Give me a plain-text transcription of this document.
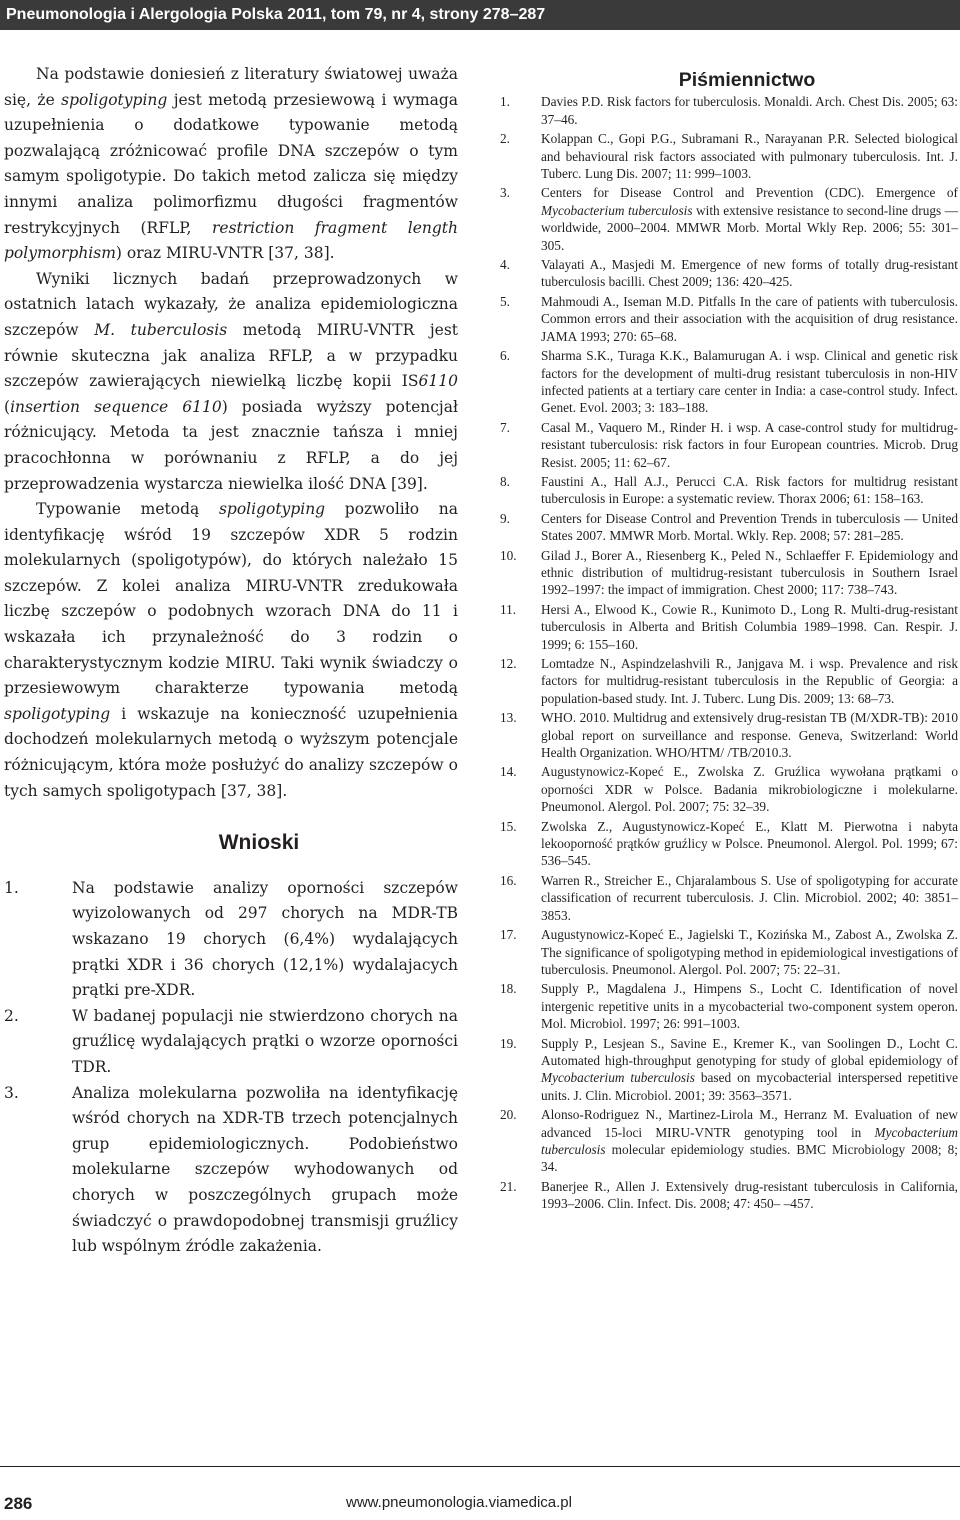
Pneumonologia i Alergologia Polska 2011, tom 79, nr 4, strony 278–287

Na podstawie doniesień z literatury światowej uważa się, że spoligotyping jest metodą przesiewową i wymaga uzupełnienia o dodatkowe typowanie metodą pozwalającą zróżnicować profile DNA szczepów o tym samym spoligotypie. Do takich metod zalicza się między innymi analiza polimorfizmu długości fragmentów restrykcyjnych (RFLP, restriction fragment length polymorphism) oraz MIRU-VNTR [37, 38].

Wyniki licznych badań przeprowadzonych w ostatnich latach wykazały, że analiza epidemiologiczna szczepów M. tuberculosis metodą MIRU-VNTR jest równie skuteczna jak analiza RFLP, a w przypadku szczepów zawierających niewielką liczbę kopii IS6110 (insertion sequence 6110) posiada wyższy potencjał różnicujący. Metoda ta jest znacznie tańsza i mniej pracochłonna w porównaniu z RFLP, a do jej przeprowadzenia wystarcza niewielka ilość DNA [39].

Typowanie metodą spoligotyping pozwoliło na identyfikację wśród 19 szczepów XDR 5 rodzin molekularnych (spoligotypów), do których należało 15 szczepów. Z kolei analiza MIRU-VNTR zredukowała liczbę szczepów o podobnych wzorach DNA do 11 i wskazała ich przynależność do 3 rodzin o charakterystycznym kodzie MIRU. Taki wynik świadczy o przesiewowym charakterze typowania metodą spoligotyping i wskazuje na konieczność uzupełnienia dochodzeń molekularnych metodą o wyższym potencjale różnicującym, która może posłużyć do analizy szczepów o tych samych spoligotypach [37, 38].

Wnioski
1.	Na podstawie analizy oporności szczepów wyizolowanych od 297 chorych na MDR-TB wskazano 19 chorych (6,4%) wydalających prątki XDR i 36 chorych (12,1%) wydalajacych prątki pre-XDR.
2.	W badanej populacji nie stwierdzono chorych na gruźlicę wydalających prątki o wzorze oporności TDR.
3.	Analiza molekularna pozwoliła na identyfikację wśród chorych na XDR-TB trzech potencjalnych grup epidemiologicznych. Podobieństwo molekularne szczepów wyhodowanych od chorych w poszczególnych grupach może świadczyć o prawdopodobnej transmisji gruźlicy lub wspólnym źródle zakażenia.
Piśmiennictwo
1. Davies P.D. Risk factors for tuberculosis. Monaldi. Arch. Chest Dis. 2005; 63: 37–46.
2. Kolappan C., Gopi P.G., Subramani R., Narayanan P.R. Selected biological and behavioural risk factors associated with pulmonary tuberculosis. Int. J. Tuberc. Lung Dis. 2007; 11: 999–1003.
3. Centers for Disease Control and Prevention (CDC). Emergence of Mycobacterium tuberculosis with extensive resistance to second-line drugs — worldwide, 2000–2004. MMWR Morb. Mortal Wkly Rep. 2006; 55: 301–305.
4. Valayati A., Masjedi M. Emergence of new forms of totally drug-resistant tuberculosis bacilli. Chest 2009; 136: 420–425.
5. Mahmoudi A., Iseman M.D. Pitfalls In the care of patients with tuberculosis. Common errors and their association with the acquisition of drug resistance. JAMA 1993; 270: 65–68.
6. Sharma S.K., Turaga K.K., Balamurugan A. i wsp. Clinical and genetic risk factors for the development of multi-drug resistant tuberculosis in non-HIV infected patients at a tertiary care center in India: a case-control study. Infect. Genet. Evol. 2003; 3: 183–188.
7. Casal M., Vaquero M., Rinder H. i wsp. A case-control study for multidrug-resistant tuberculosis: risk factors in four European countries. Microb. Drug Resist. 2005; 11: 62–67.
8. Faustini A., Hall A.J., Perucci C.A. Risk factors for multidrug resistant tuberculosis in Europe: a systematic review. Thorax 2006; 61: 158–163.
9. Centers for Disease Control and Prevention Trends in tuberculosis — United States 2007. MMWR Morb. Mortal. Wkly. Rep. 2008; 57: 281–285.
10. Gilad J., Borer A., Riesenberg K., Peled N., Schlaeffer F. Epidemiology and ethnic distribution of multidrug-resistant tuberculosis in Southern Israel 1992–1997: the impact of immigration. Chest 2000; 117: 738–743.
11. Hersi A., Elwood K., Cowie R., Kunimoto D., Long R. Multi-drug-resistant tuberculosis in Alberta and British Columbia 1989–1998. Can. Respir. J. 1999; 6: 155–160.
12. Lomtadze N., Aspindzelashvili R., Janjgava M. i wsp. Prevalence and risk factors for multidrug-resistant tuberculosis in the Republic of Georgia: a population-based study. Int. J. Tuberc. Lung Dis. 2009; 13: 68–73.
13. WHO. 2010. Multidrug and extensively drug-resistan TB (M/XDR-TB): 2010 global report on surveillance and response. Geneva, Switzerland: World Health Organization. WHO/HTM/ /TB/2010.3.
14. Augustynowicz-Kopeć E., Zwolska Z. Gruźlica wywołana prątkami o oporności XDR w Polsce. Badania mikrobiologiczne i molekularne. Pneumonol. Alergol. Pol. 2007; 75: 32–39.
15. Zwolska Z., Augustynowicz-Kopeć E., Klatt M. Pierwotna i nabyta lekooporność prątków gruźlicy w Polsce. Pneumonol. Alergol. Pol. 1999; 67: 536–545.
16. Warren R., Streicher E., Chjaralambous S. Use of spoligotyping for accurate classification of recurrent tuberculosis. J. Clin. Microbiol. 2002; 40: 3851–3853.
17. Augustynowicz-Kopeć E., Jagielski T., Kozińska M., Zabost A., Zwolska Z. The significance of spoligotyping method in epidemiological investigations of tuberculosis. Pneumonol. Alergol. Pol. 2007; 75: 22–31.
18. Supply P., Magdalena J., Himpens S., Locht C. Identification of novel intergenic repetitive units in a mycobacterial two-component system operon. Mol. Microbiol. 1997; 26: 991–1003.
19. Supply P., Lesjean S., Savine E., Kremer K., van Soolingen D., Locht C. Automated high-throughput genotyping for study of global epidemiology of Mycobacterium tuberculosis based on mycobacterial interspersed repetitive units. J. Clin. Microbiol. 2001; 39: 3563–3571.
20. Alonso-Rodriguez N., Martinez-Lirola M., Herranz M. Evaluation of new advanced 15-loci MIRU-VNTR genotyping tool in Mycobacterium tuberculosis molecular epidemiology studies. BMC Microbiology 2008; 8; 34.
21. Banerjee R., Allen J. Extensively drug-resistant tuberculosis in California, 1993–2006. Clin. Infect. Dis. 2008; 47: 450– –457.
286	www.pneumonologia.viamedica.pl
